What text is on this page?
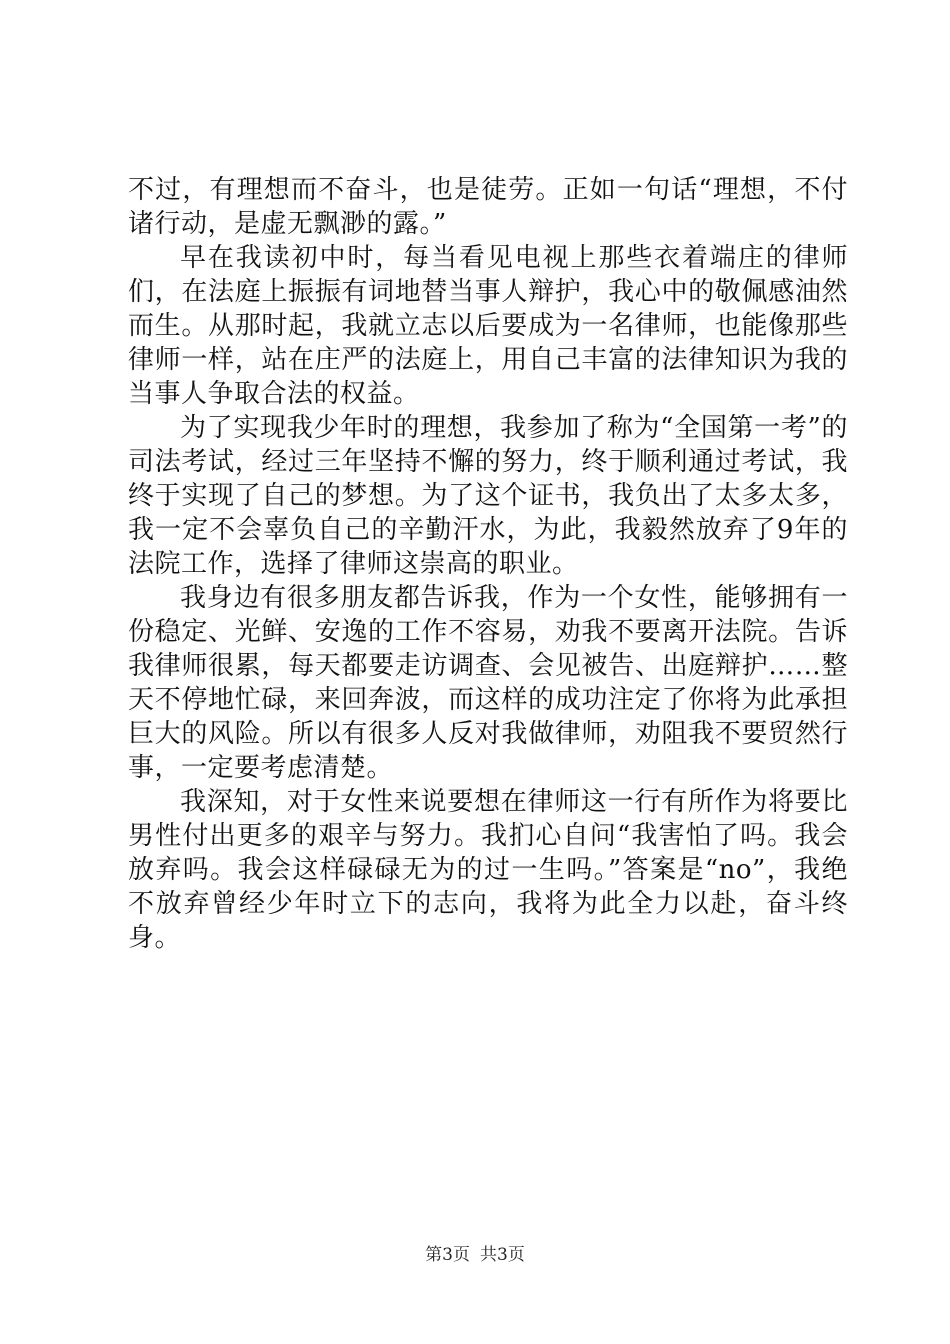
不过，有理想而不奋斗，也是徒劳。正如一句话“理想，不付诸行动，是虚无飘渺的露。”

早在我读初中时，每当看见电视上那些衣着端庄的律师们，在法庭上振振有词地替当事人辩护，我心中的敬佩感油然而生。从那时起，我就立志以后要成为一名律师，也能像那些律师一样，站在庄严的法庭上，用自己丰富的法律知识为我的当事人争取合法的权益。

为了实现我少年时的理想，我参加了称为“全国第一考”的司法考试，经过三年坚持不懈的努力，终于顺利通过考试，我终于实现了自己的梦想。为了这个证书，我负出了太多太多，我一定不会辜负自己的辛勤汗水，为此，我毅然放弃了9年的法院工作，选择了律师这崇高的职业。

我身边有很多朋友都告诉我，作为一个女性，能够拥有一份稳定、光鲜、安逸的工作不容易，劝我不要离开法院。告诉我律师很累，每天都要走访调查、会见被告、出庭辩护……整天不停地忙碌，来回奔波，而这样的成功注定了你将为此承担巨大的风险。所以有很多人反对我做律师，劝阻我不要贸然行事，一定要考虑清楚。

我深知，对于女性来说要想在律师这一行有所作为将要比男性付出更多的艰辛与努力。我扪心自问“我害怕了吗。我会放弃吗。我会这样碌碌无为的过一生吗。”答案是“no”，我绝不放弃曾经少年时立下的志向，我将为此全力以赴，奋斗终身。

第3页 共3页
